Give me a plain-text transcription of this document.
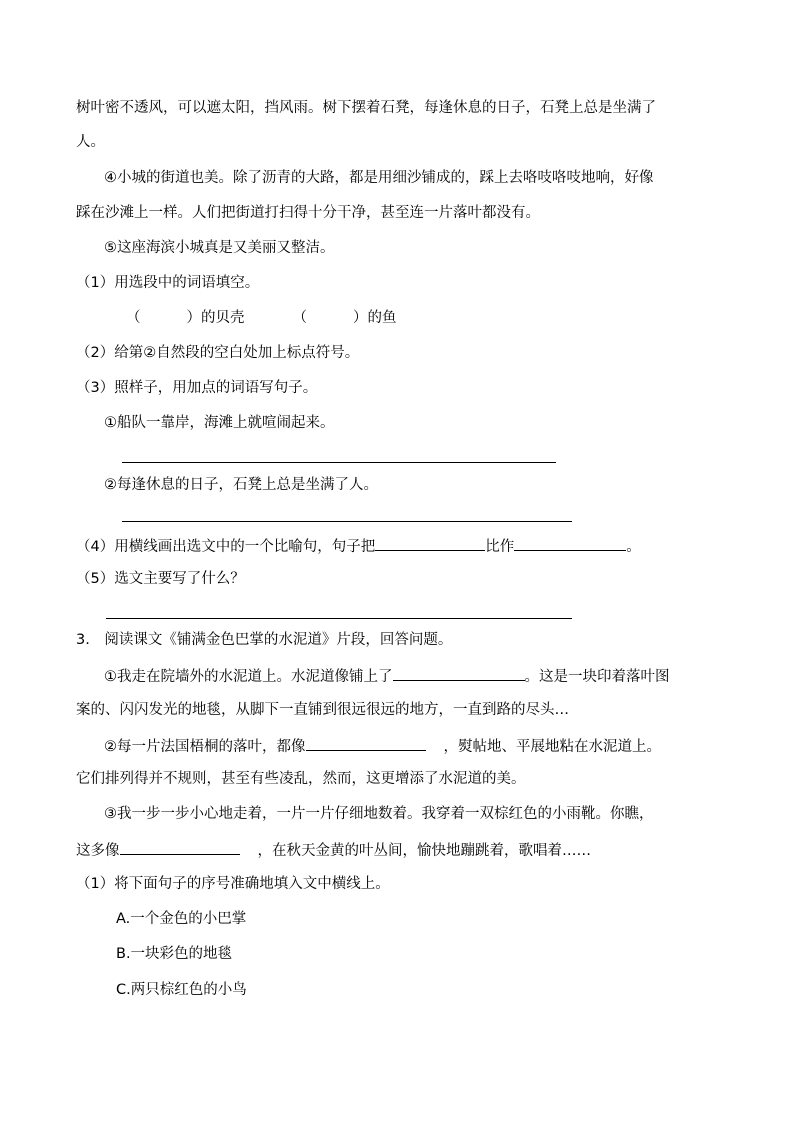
树叶密不透风，可以遮太阳，挡风雨。树下摆着石凳，每逢休息的日子，石凳上总是坐满了
人。
④小城的街道也美。除了沥青的大路，都是用细沙铺成的，踩上去咯吱咯吱地响，好像
踩在沙滩上一样。人们把街道打扫得十分干净，甚至连一片落叶都没有。
⑤这座海滨小城真是又美丽又整洁。
（1）用选段中的词语填空。
（	）的贝壳	（	）的鱼
（2）给第②自然段的空白处加上标点符号。
（3）照样子，用加点的词语写句子。
①船队一靠岸，海滩上就喧闹起来。
②每逢休息的日子，石凳上总是坐满了人。
（4）用横线画出选文中的一个比喻句，句子把	比作	。
（5）选文主要写了什么？
3.　阅读课文《铺满金色巴掌的水泥道》片段，回答问题。
①我走在院墙外的水泥道上。水泥道像铺上了	。这是一块印着落叶图
案的、闪闪发光的地毯，从脚下一直铺到很远很远的地方，一直到路的尽头…
②每一片法国梧桐的落叶，都像	，熨帖地、平展地粘在水泥道上。
它们排列得并不规则，甚至有些凌乱，然而，这更增添了水泥道的美。
③我一步一步小心地走着，一片一片仔细地数着。我穿着一双棕红色的小雨靴。你瞧，
这多像	，在秋天金黄的叶丛间，愉快地蹦跳着，歌唱着……
（1）将下面句子的序号准确地填入文中横线上。
A.一个金色的小巴掌
B.一块彩色的地毯
C.两只棕红色的小鸟
